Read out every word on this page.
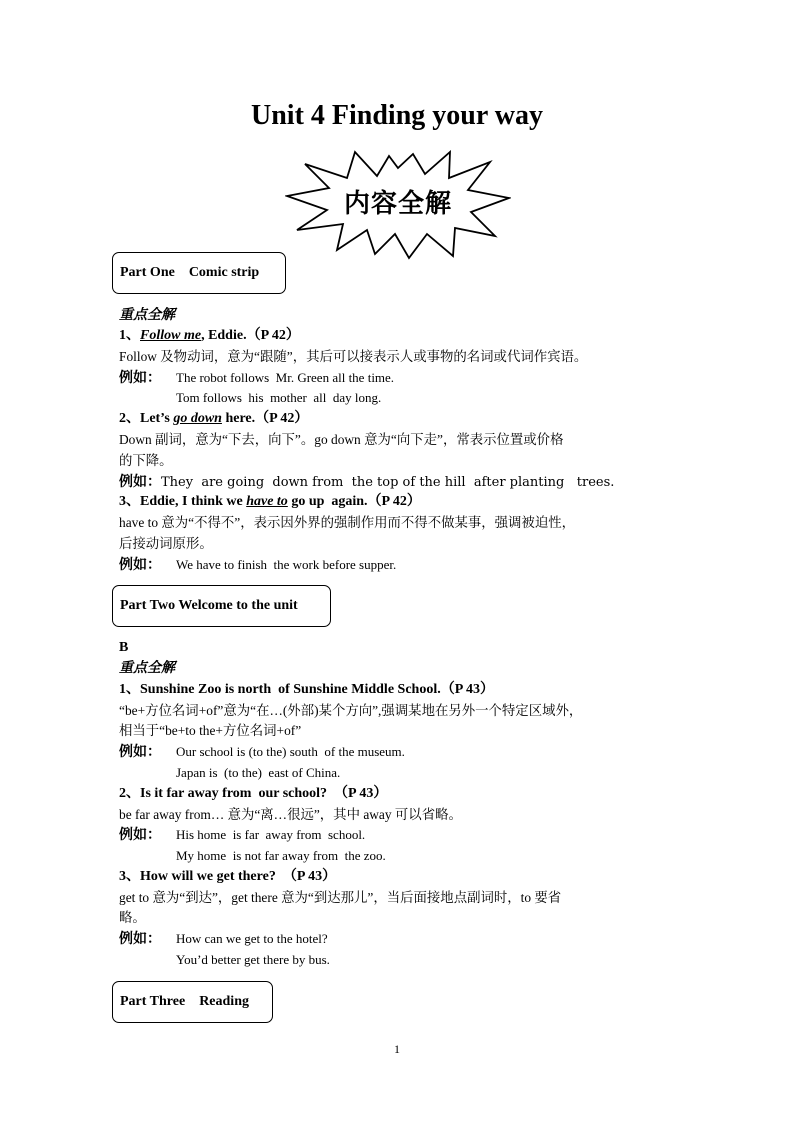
Unit 4 Finding your way
内容全解
Part One    Comic strip
重点全解
1、Follow me, Eddie.（P 42）
Follow 及物动词，意为“跟随”，其后可以接表示人或事物的名词或代词作宾语。
例如：	The robot follows  Mr. Green all the time.
Tom follows  his  mother  all  day long.
2、Let’s go down here.（P 42）
Down 副词，意为“下去，向下”。go down 意为“向下走”，常表示位置或价格
的下降。
例如：They  are going  down from  the top of the hill  after planting   trees.
3、Eddie, I think we have to go up  again.（P 42）
have to 意为“不得不”，表示因外界的强制作用而不得不做某事，强调被迫性，
后接动词原形。
例如：	We have to finish  the work before supper.
Part Two Welcome to the unit
B
重点全解
1、Sunshine Zoo is north  of Sunshine Middle School.（P 43）
“be+方位名词+of”意为“在…(外部)某个方向”,强调某地在另外一个特定区域外，
相当于“be+to the+方位名词+of”
例如：	Our school is (to the) south  of the museum.
Japan is  (to the)  east of China.
2、Is it far away from  our school?  （P 43）
be far away from… 意为“离…很远”，其中 away 可以省略。
例如：	His home  is far  away from  school.
My home  is not far away from  the zoo.
3、How will we get there?  （P 43）
get to 意为“到达”，get there 意为“到达那儿”，当后面接地点副词时，to 要省
略。
例如：	How can we get to the hotel?
You’d better get there by bus.
Part Three    Reading
1
